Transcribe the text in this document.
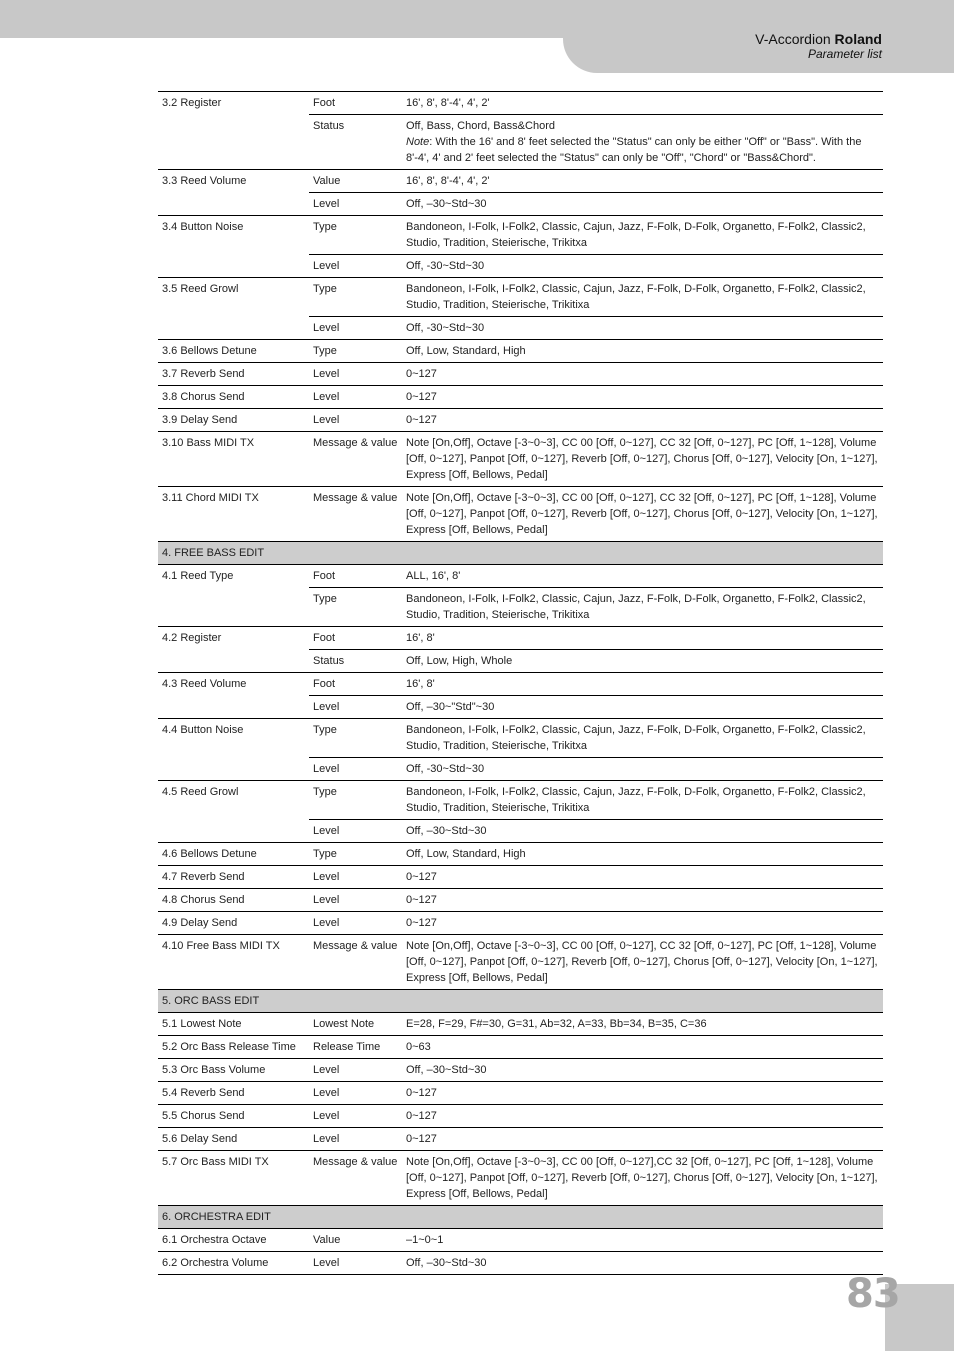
V-Accordion Roland
Parameter list
3.2 Register	Foot	16', 8', 8'-4', 4', 2'
	Status	Off, Bass, Chord, Bass&Chord
Note: With the 16' and 8' feet selected the "Status" can only be either "Off" or "Bass". With the 8'-4', 4' and 2' feet selected the "Status" can only be "Off", "Chord" or "Bass&Chord".

3.3 Reed Volume	Value	16', 8', 8'-4', 4', 2'
	Level	Off, –30~Std~30
3.4 Button Noise	Type	Bandoneon, I-Folk, I-Folk2, Classic, Cajun, Jazz, F-Folk, D-Folk, Organetto, F-Folk2, Classic2, Studio, Tradition, Steierische, Trikitxa
	Level	Off, -30~Std~30
3.5 Reed Growl	Type	Bandoneon, I-Folk, I-Folk2, Classic, Cajun, Jazz, F-Folk, D-Folk, Organetto, F-Folk2, Classic2, Studio, Tradition, Steierische, Trikitixa
	Level	Off, -30~Std~30
3.6 Bellows Detune	Type	Off, Low, Standard, High
3.7 Reverb Send	Level	0~127
3.8 Chorus Send	Level	0~127
3.9 Delay Send	Level	0~127
3.10 Bass MIDI TX	Message & value	Note [On,Off], Octave [-3~0~3], CC 00 [Off, 0~127], CC 32 [Off, 0~127], PC [Off, 1~128], Volume [Off, 0~127], Panpot [Off, 0~127], Reverb [Off, 0~127], Chorus [Off, 0~127], Velocity [On, 1~127], Express [Off, Bellows, Pedal]
3.11 Chord MIDI TX	Message & value	Note [On,Off], Octave [-3~0~3], CC 00 [Off, 0~127], CC 32 [Off, 0~127], PC [Off, 1~128], Volume [Off, 0~127], Panpot [Off, 0~127], Reverb [Off, 0~127], Chorus [Off, 0~127], Velocity [On, 1~127], Express [Off, Bellows, Pedal]
4. FREE BASS EDIT		
4.1 Reed Type	Foot	ALL, 16', 8'
	Type	Bandoneon, I-Folk, I-Folk2, Classic, Cajun, Jazz, F-Folk, D-Folk, Organetto, F-Folk2, Classic2, Studio, Tradition, Steierische, Trikitixa
4.2 Register	Foot	16', 8'
	Status	Off, Low, High, Whole
4.3 Reed Volume	Foot	16', 8'
	Level	Off, –30~"Std"~30
4.4 Button Noise	Type	Bandoneon, I-Folk, I-Folk2, Classic, Cajun, Jazz, F-Folk, D-Folk, Organetto, F-Folk2, Classic2, Studio, Tradition, Steierische, Trikitxa
	Level	Off, -30~Std~30
4.5 Reed Growl	Type	Bandoneon, I-Folk, I-Folk2, Classic, Cajun, Jazz, F-Folk, D-Folk, Organetto, F-Folk2, Classic2, Studio, Tradition, Steierische, Trikitixa
	Level	Off, –30~Std~30
4.6 Bellows Detune	Type	Off, Low, Standard, High
4.7 Reverb Send	Level	0~127
4.8 Chorus Send	Level	0~127
4.9 Delay Send	Level	0~127
4.10 Free Bass MIDI TX	Message & value	Note [On,Off], Octave [-3~0~3], CC 00 [Off, 0~127], CC 32 [Off, 0~127], PC [Off, 1~128], Volume [Off, 0~127], Panpot [Off, 0~127], Reverb [Off, 0~127], Chorus [Off, 0~127], Velocity [On, 1~127], Express [Off, Bellows, Pedal]
5. ORC BASS EDIT		
5.1 Lowest Note	Lowest Note	E=28, F=29, F#=30, G=31, Ab=32, A=33, Bb=34, B=35, C=36
5.2 Orc Bass Release Time	Release Time	0~63
5.3 Orc Bass Volume	Level	Off, –30~Std~30
5.4 Reverb Send	Level	0~127
5.5 Chorus Send	Level	0~127
5.6 Delay Send	Level	0~127
5.7 Orc Bass MIDI TX	Message & value	Note [On,Off], Octave [-3~0~3], CC 00 [Off, 0~127],CC 32 [Off, 0~127], PC [Off, 1~128], Volume [Off, 0~127], Panpot [Off, 0~127], Reverb [Off, 0~127], Chorus [Off, 0~127], Velocity [On, 1~127], Express [Off, Bellows, Pedal]
6. ORCHESTRA EDIT		
6.1 Orchestra Octave	Value	–1~0~1
6.2 Orchestra Volume	Level	Off, –30~Std~30
83
